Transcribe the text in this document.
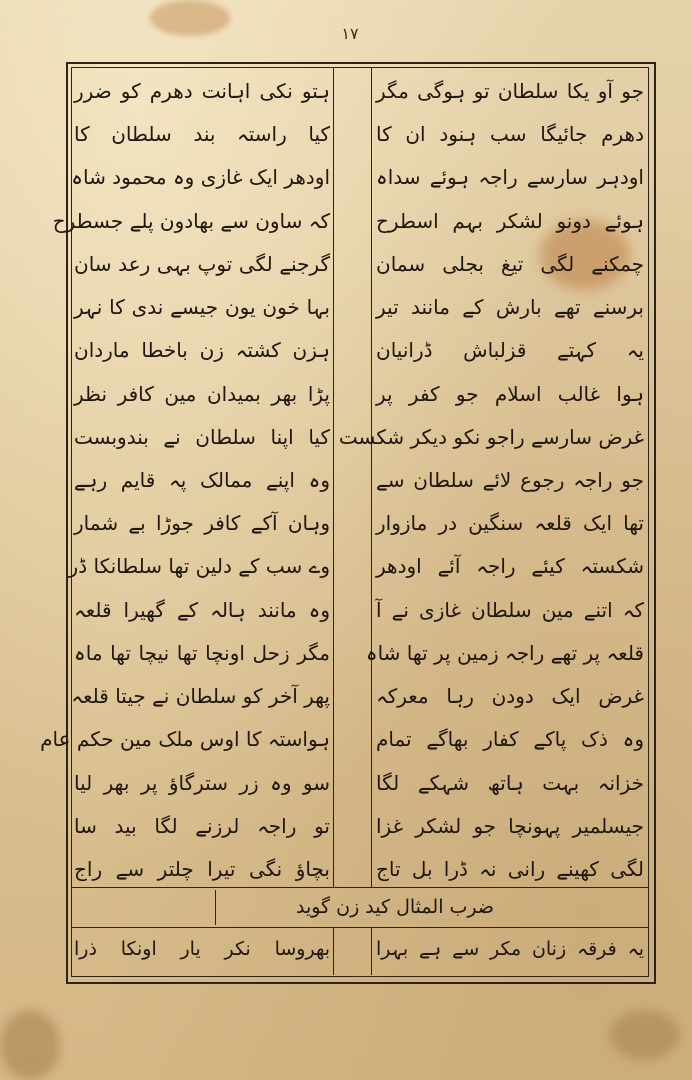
۱۷
جو آو یکا سلطان تو ہوگی مگر
دھرم جائیگا سب ہنود ان کا
اودہر سارسے راجہ ہوئے سداہ
ہوئے دونو لشکر بہم اسطرح
چمکنے لگی تیغ بجلی سمان
برسنے تھے بارش کے مانند تیر
یہ کہتے قزلباش ڈرانیان
ہوا غالب اسلام جو کفر پر
غرض سارسے راجو نکو دیکر شکست
جو راجہ رجوع لائے سلطان سے
تھا ایک قلعہ سنگین در مازوار
شکستہ کیئے راجہ آئے اودھر
کہ اتنے مین سلطان غازی نے آ
قلعہ پر تھے راجہ زمین پر تھا شاہ
غرض ایک دودن رہا معرکہ
وہ ذک پاکے کفار بھاگے تمام
خزانہ بہت ہاتھ شہکے لگا
جیسلمیر پہونچا جو لشکر غزا
لگی کھینے رانی نہ ڈرا بل تاج
ہتو نکی اہانت دھرم کو ضرر
کیا راستہ بند سلطان کا
اودھر ایک غازی وہ محمود شاہ
کہ ساون سے بھادون پلے جسطرح
گرجنے لگی توپ بہی رعد سان
بہا خون یون جیسے ندی کا نہر
ہزن کشتہ زن باخطا ماردان
پڑا بھر بمیدان مین کافر نظر
کیا اپنا سلطان نے بندوبست
وہ اپنے ممالک پہ قایم رہے
وہان آکے کافر جوڑا بے شمار
وے سب کے دلین تھا سلطانکا ڈر
وہ مانند ہالہ کے گھیرا قلعہ
مگر زحل اونچا تھا نیچا تھا ماہ
پھر آخر کو سلطان نے جیتا قلعہ
ہواستہ کا اوس ملک مین حکم عام
سو وہ زر سترگاؤ پر بھر لیا
تو راجہ لرزنے لگا بید سا
بچاؤ نگی تیرا چلتر سے راج
ضرب المثال کید زن گوید
یہ فرقہ زنان مکر سے ہے بہرا
بھروسا نکر یار اونکا ذرا
